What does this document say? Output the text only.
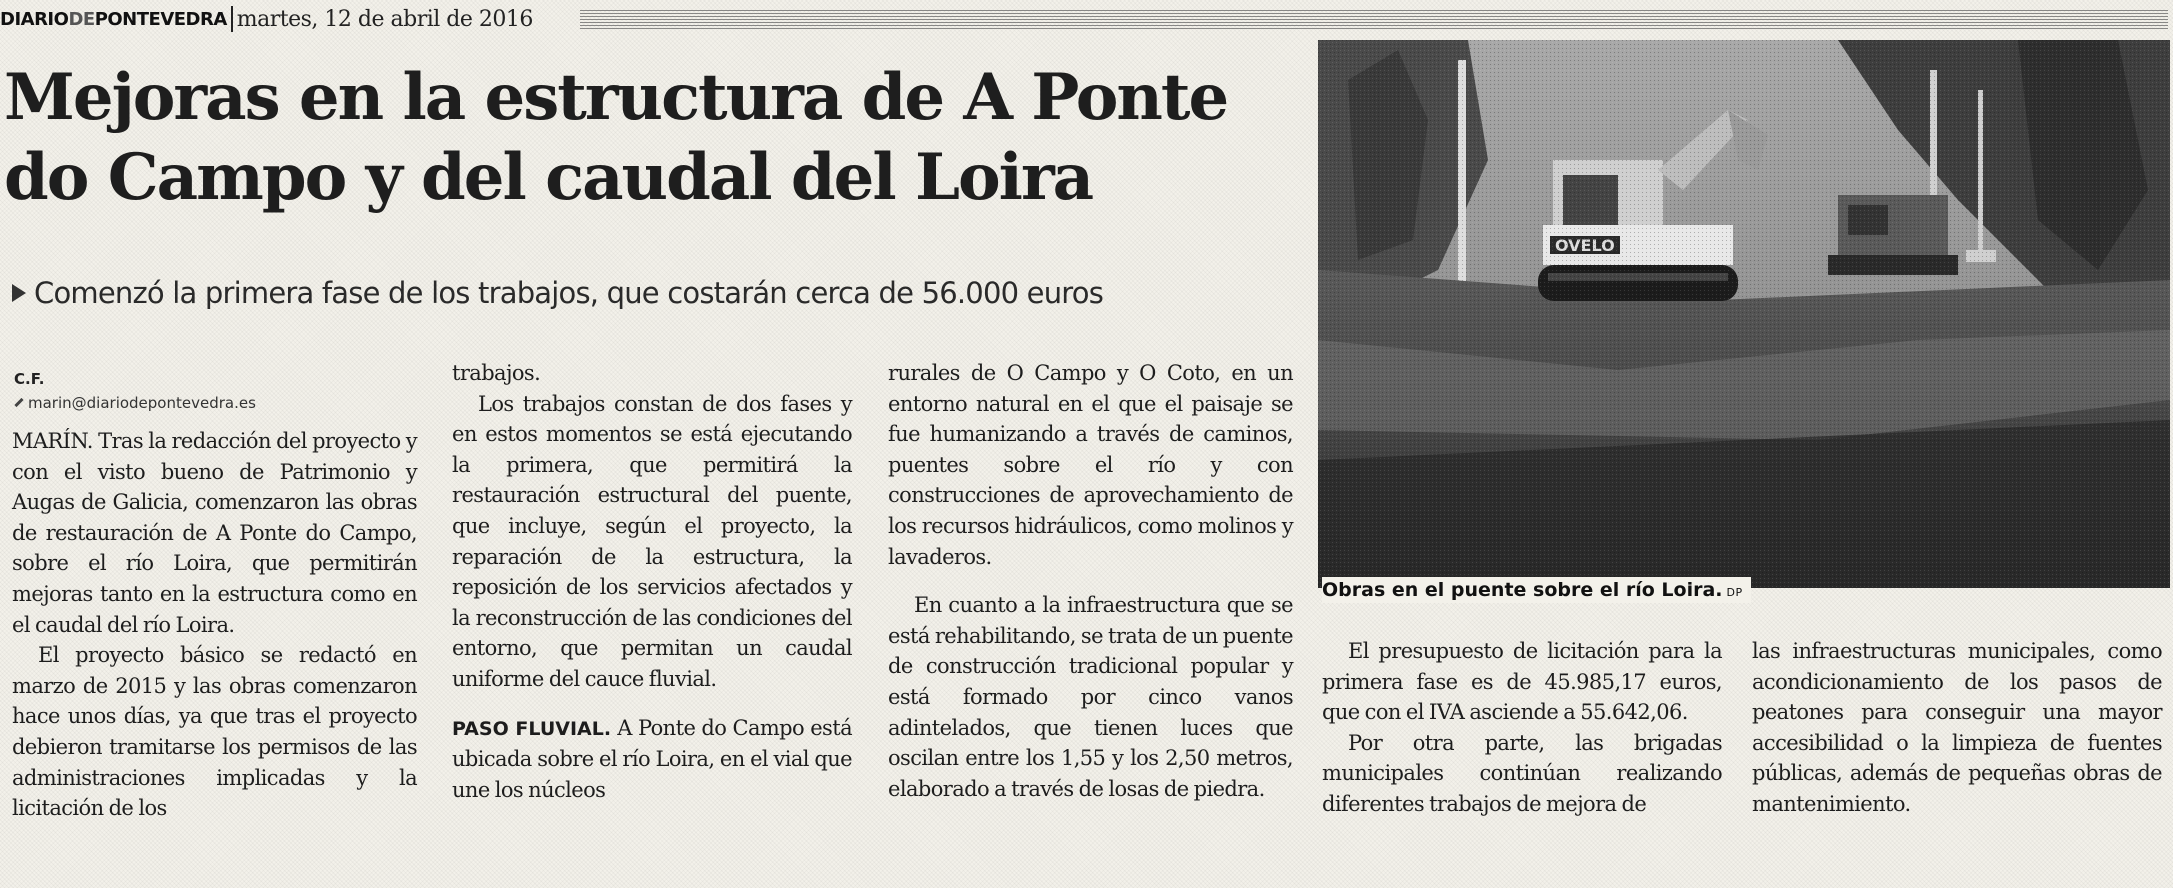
DIARIODEPONTEVEDRA martes, 12 de abril de 2016
Mejoras en la estructura de A Ponte
do Campo y del caudal del Loira
Comenzó la primera fase de los trabajos, que costarán cerca de 56.000 euros
C.F.
marin@diariodepontevedra.es

MARÍN. Tras la redacción del proyecto y con el visto bueno de Patrimonio y Augas de Galicia, comenzaron las obras de restauración de A Ponte do Campo, sobre el río Loira, que permitirán mejoras tanto en la estructura como en el caudal del río Loira.

El proyecto básico se redactó en marzo de 2015 y las obras comenzaron hace unos días, ya que tras el proyecto debieron tramitarse los permisos de las administraciones implicadas y la licitación de los

trabajos.

Los trabajos constan de dos fases y en estos momentos se está ejecutando la primera, que permitirá la restauración estructural del puente, que incluye, según el proyecto, la reparación de la estructura, la reposición de los servicios afectados y la reconstrucción de las condiciones del entorno, que permitan un caudal uniforme del cauce fluvial.

PASO FLUVIAL. A Ponte do Campo está ubicada sobre el río Loira, en el vial que une los núcleos

rurales de O Campo y O Coto, en un entorno natural en el que el paisaje se fue humanizando a través de caminos, puentes sobre el río y con construcciones de aprovechamiento de los recursos hidráulicos, como molinos y lavaderos.

En cuanto a la infraestructura que se está rehabilitando, se trata de un puente de construcción tradicional popular y está formado por cinco vanos adintelados, que tienen luces que oscilan entre los 1,55 y los 2,50 metros, elaborado a través de losas de piedra.

Obras en el puente sobre el río Loira. DP

El presupuesto de licitación para la primera fase es de 45.985,17 euros, que con el IVA asciende a 55.642,06.

Por otra parte, las brigadas municipales continúan realizando diferentes trabajos de mejora de

las infraestructuras municipales, como acondicionamiento de los pasos de peatones para conseguir una mayor accesibilidad o la limpieza de fuentes públicas, además de pequeñas obras de mantenimiento.
